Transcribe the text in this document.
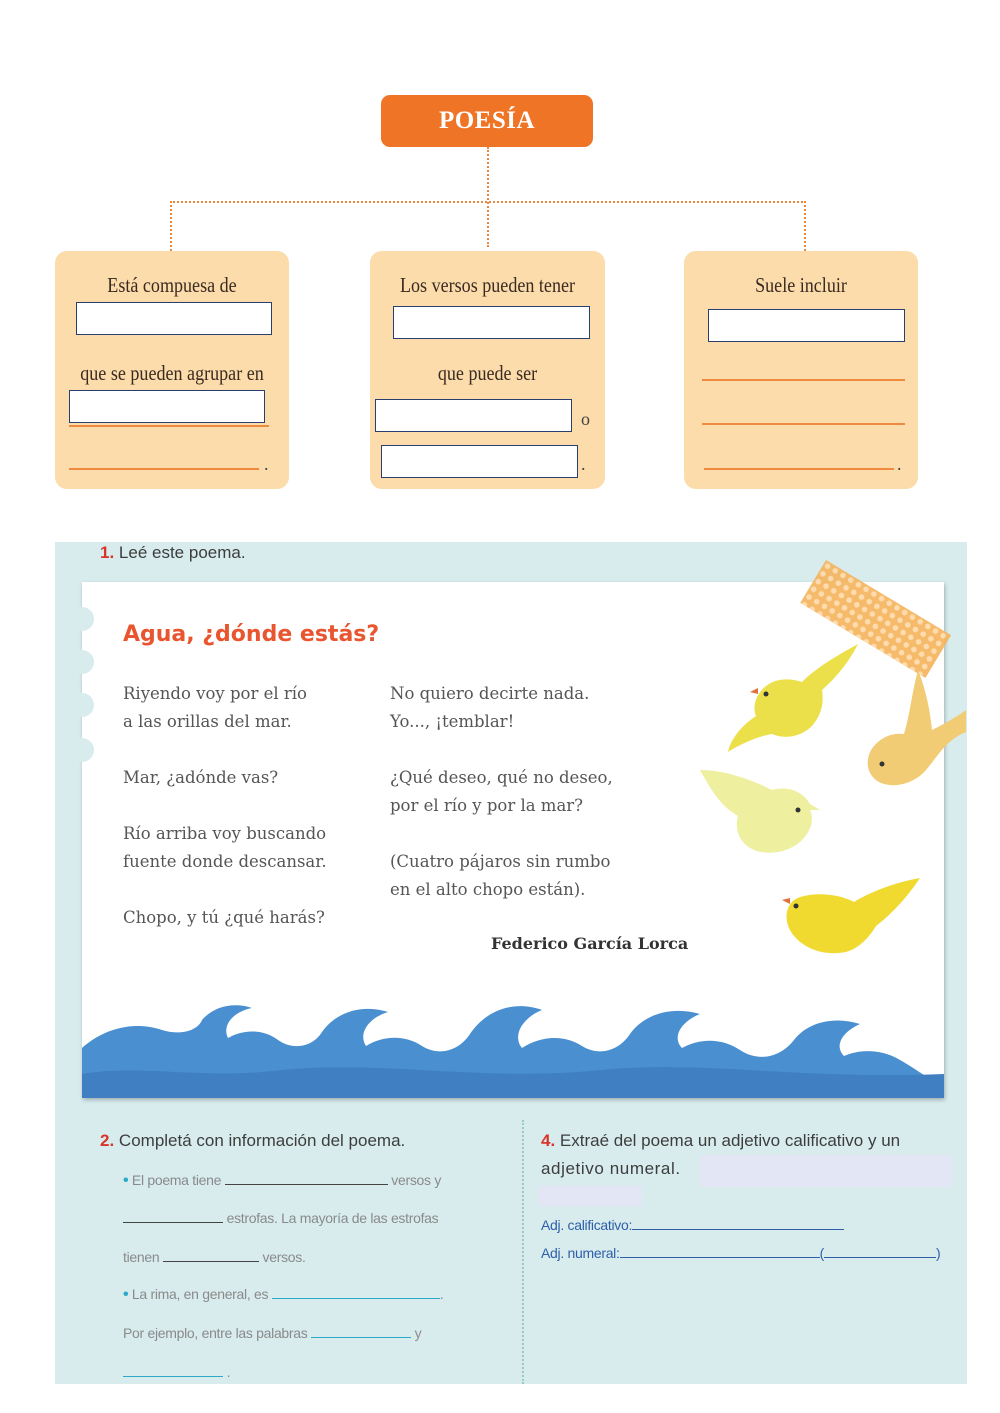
POESÍA
Está compuesa de
que se pueden agrupar en
.
Los versos pueden tener
que puede ser
o
.
Suele incluir
.
1. Leé este poema.
Agua, ¿dónde estás?
Riyendo voy por el río
a las orillas del mar.
Mar, ¿adónde vas?
Río arriba voy buscando
fuente donde descansar.
Chopo, y tú ¿qué harás?
No quiero decirte nada.
Yo..., ¡temblar!
¿Qué deseo, qué no deseo,
por el río y por la mar?
(Cuatro pájaros sin rumbo
en el alto chopo están).
Federico García Lorca
2. Completá con información del poema.
• El poema tiene	versos y
estrofas. La mayoría de las estrofas
tienen	versos.
• La rima, en general, es	.
Por ejemplo, entre las palabras	y
.
4. Extraé del poema un adjetivo calificativo y un
adjetivo numeral.
Adj. calificativo:
Adj. numeral:	(	)
